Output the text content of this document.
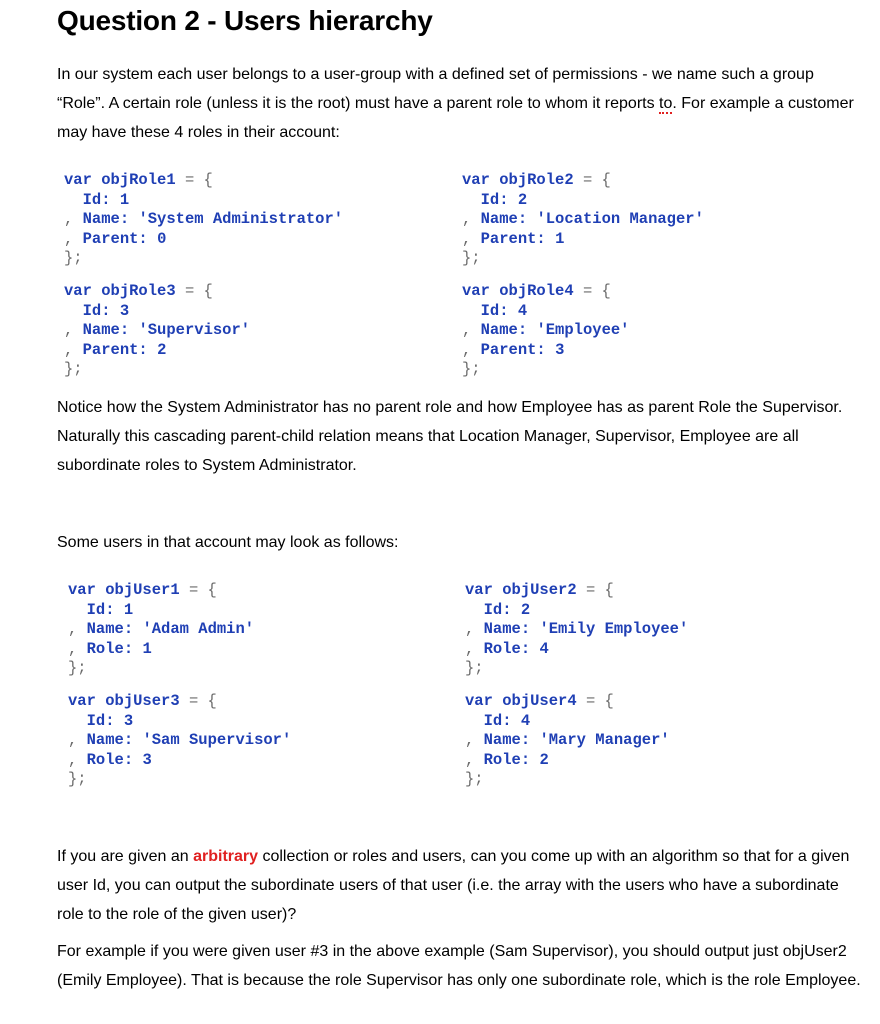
Question 2 - Users hierarchy

In our system each user belongs to a user-group with a defined set of permissions - we name such a group “Role”. A certain role (unless it is the root) must have a parent role to whom it reports to. For example a customer may have these 4 roles in their account:

var objRole1 = {
Id: 1
, Name: 'System Administrator'
, Parent: 0
};
var objRole2 = {
Id: 2
, Name: 'Location Manager'
, Parent: 1
};
var objRole3 = {
Id: 3
, Name: 'Supervisor'
, Parent: 2
};
var objRole4 = {
Id: 4
, Name: 'Employee'
, Parent: 3
};

Notice how the System Administrator has no parent role and how Employee has as parent Role the Supervisor. Naturally this cascading parent-child relation means that Location Manager, Supervisor, Employee are all subordinate roles to System Administrator.

Some users in that account may look as follows:

var objUser1 = {
Id: 1
, Name: 'Adam Admin'
, Role: 1
};
var objUser2 = {
Id: 2
, Name: 'Emily Employee'
, Role: 4
};
var objUser3 = {
Id: 3
, Name: 'Sam Supervisor'
, Role: 3
};
var objUser4 = {
Id: 4
, Name: 'Mary Manager'
, Role: 2
};

If you are given an arbitrary collection or roles and users, can you come up with an algorithm so that for a given user Id, you can output the subordinate users of that user (i.e. the array with the users who have a subordinate role to the role of the given user)?

For example if you were given user #3 in the above example (Sam Supervisor), you should output just objUser2 (Emily Employee). That is because the role Supervisor has only one subordinate role, which is the role Employee.
